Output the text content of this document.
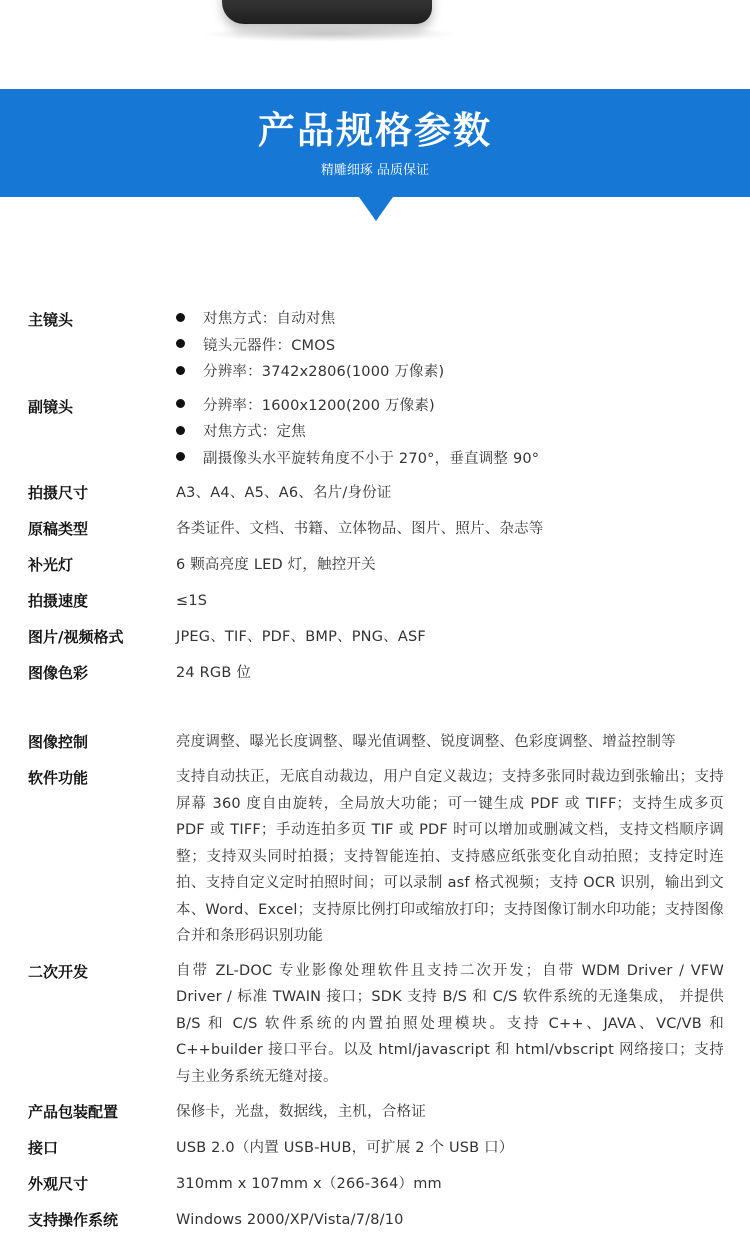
产品规格参数
精雕细琢 品质保证
主镜头	对焦方式：自动对焦
镜头元器件：CMOS
分辨率：3742x2806(1000 万像素)
副镜头	分辨率：1600x1200(200 万像素)
对焦方式：定焦
副摄像头水平旋转角度不小于 270°，垂直调整 90°
拍摄尺寸	A3、A4、A5、A6、名片/身份证
原稿类型	各类证件、文档、书籍、立体物品、图片、照片、杂志等
补光灯	6 颗高亮度 LED 灯，触控开关
拍摄速度	≤1S
图片/视频格式	JPEG、TIF、PDF、BMP、PNG、ASF
图像色彩	24 RGB 位
图像控制	亮度调整、曝光长度调整、曝光值调整、锐度调整、色彩度调整、增益控制等
软件功能	支持自动扶正，无底自动裁边，用户自定义裁边；支持多张同时裁边到张输出；支持屏幕 360 度自由旋转，全局放大功能；可一键生成 PDF 或 TIFF；支持生成多页 PDF 或 TIFF；手动连拍多页 TIF 或 PDF 时可以增加或删减文档，支持文档顺序调整；支持双头同时拍摄；支持智能连拍、支持感应纸张变化自动拍照；支持定时连拍、支持自定义定时拍照时间；可以录制 asf 格式视频；支持 OCR 识别，输出到文本、Word、Excel；支持原比例打印或缩放打印；支持图像订制水印功能；支持图像合并和条形码识别功能
二次开发	自带 ZL-DOC 专业影像处理软件且支持二次开发；自带 WDM Driver / VFW Driver / 标准 TWAIN 接口；SDK 支持 B/S 和 C/S 软件系统的无逢集成， 并提供 B/S 和 C/S 软件系统的内置拍照处理模块。支持 C++、JAVA、VC/VB 和 C++builder 接口平台。以及 html/javascript 和 html/vbscript 网络接口；支持与主业务系统无缝对接。
产品包装配置	保修卡，光盘，数据线，主机，合格证
接口	USB 2.0（内置 USB-HUB，可扩展 2 个 USB 口）
外观尺寸	310mm x 107mm x（266-364）mm
支持操作系统	Windows 2000/XP/Vista/7/8/10
